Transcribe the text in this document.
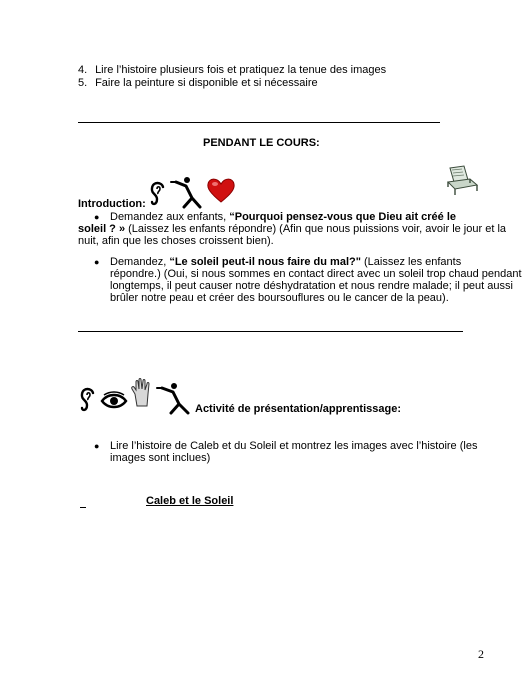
4. Lire l’histoire plusieurs fois et pratiquez la tenue des images
5. Faire la peinture si disponible et si nécessaire
PENDANT LE COURS:
Introduction:
● Demandez aux enfants, “Pourquoi pensez-vous que Dieu ait créé le
soleil ? » (Laissez les enfants répondre) (Afin que nous puissions voir, avoir le jour et la
nuit, afin que les choses croissent bien).
● Demandez, “Le soleil peut-il nous faire du mal?" (Laissez les enfants
répondre.) (Oui, si nous sommes en contact direct avec un soleil trop chaud pendant
longtemps, il peut causer notre déshydratation et nous rendre malade; il peut aussi
brûler notre peau et créer des boursouflures ou le cancer de la peau).
Activité de présentation/apprentissage:
● Lire l’histoire de Caleb et du Soleil et montrez les images avec l’histoire (les
images sont inclues)
Caleb et le Soleil
2
